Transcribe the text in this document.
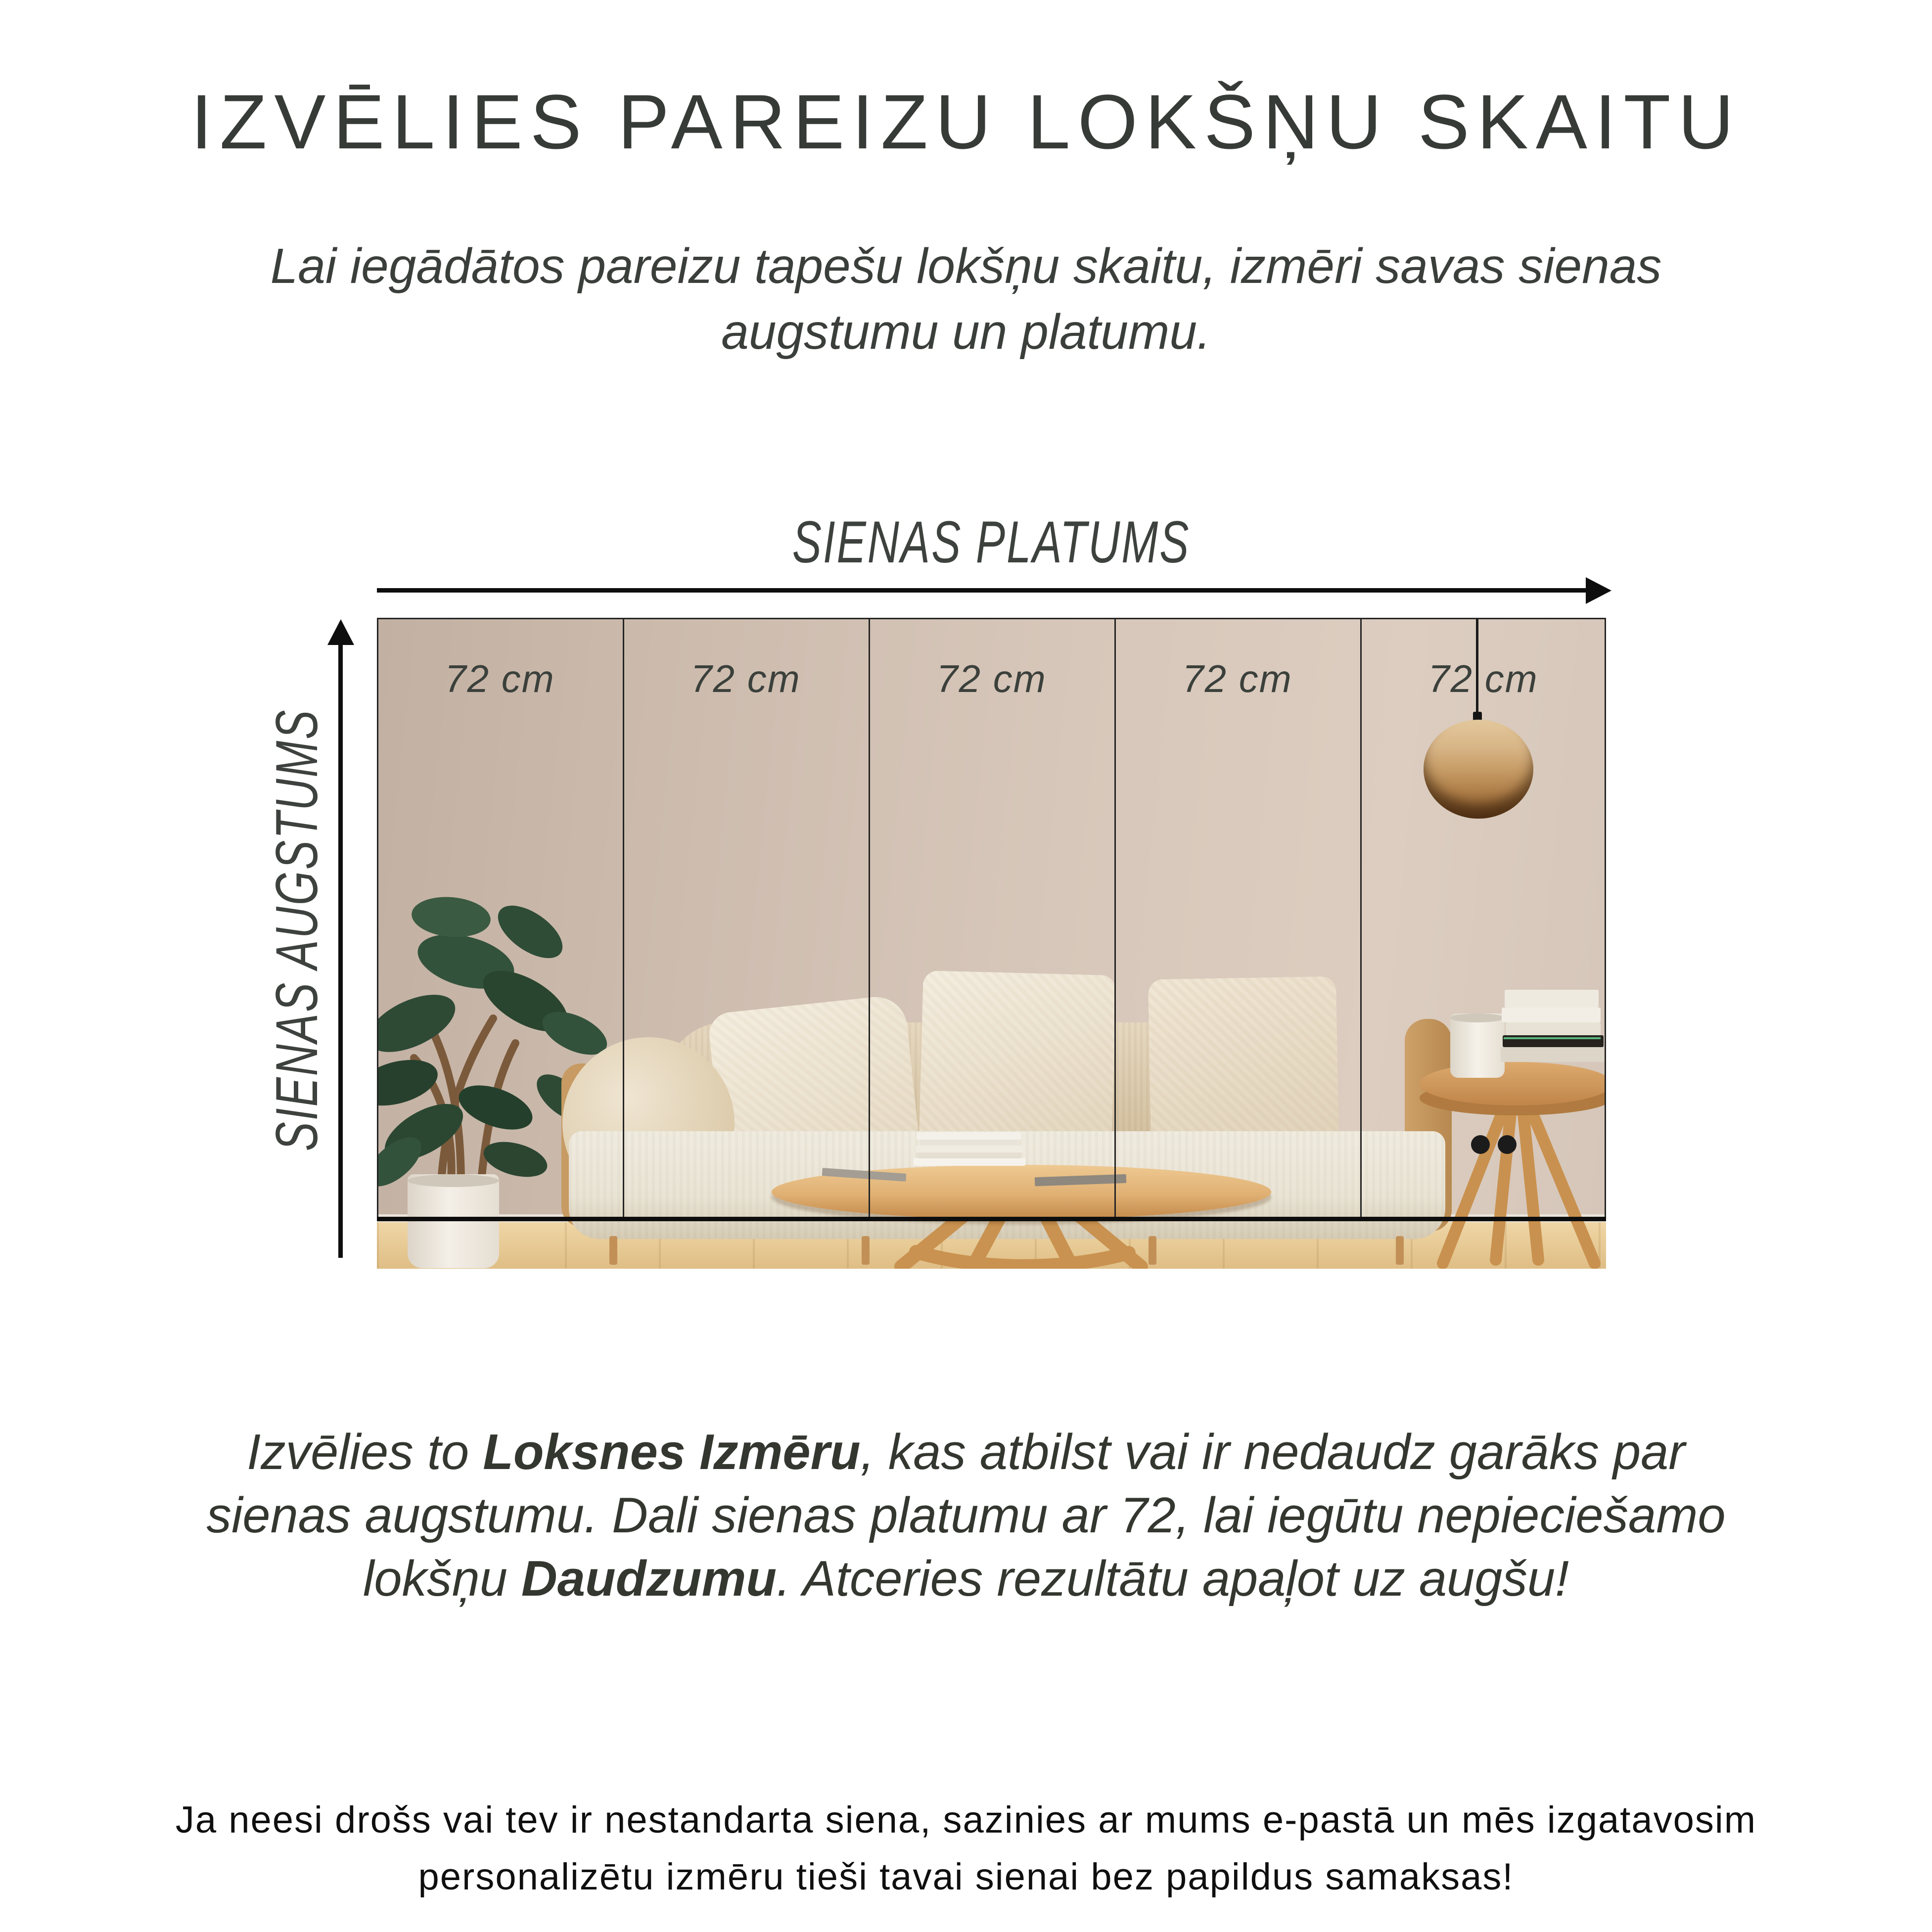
IZVĒLIES PAREIZU LOKŠŅU SKAITU
Lai iegādātos pareizu tapešu lokšņu skaitu, izmēri savas sienas
augstumu un platumu.
SIENAS PLATUMS
SIENAS AUGSTUMS
72 cm	72 cm	72 cm	72 cm	72 cm
Izvēlies to Loksnes Izmēru, kas atbilst vai ir nedaudz garāks par
sienas augstumu. Dali sienas platumu ar 72, lai iegūtu nepieciešamo
lokšņu Daudzumu. Atceries rezultātu apaļot uz augšu!
Ja neesi drošs vai tev ir nestandarta siena, sazinies ar mums e-pastā un mēs izgatavosim
personalizētu izmēru tieši tavai sienai bez papildus samaksas!
